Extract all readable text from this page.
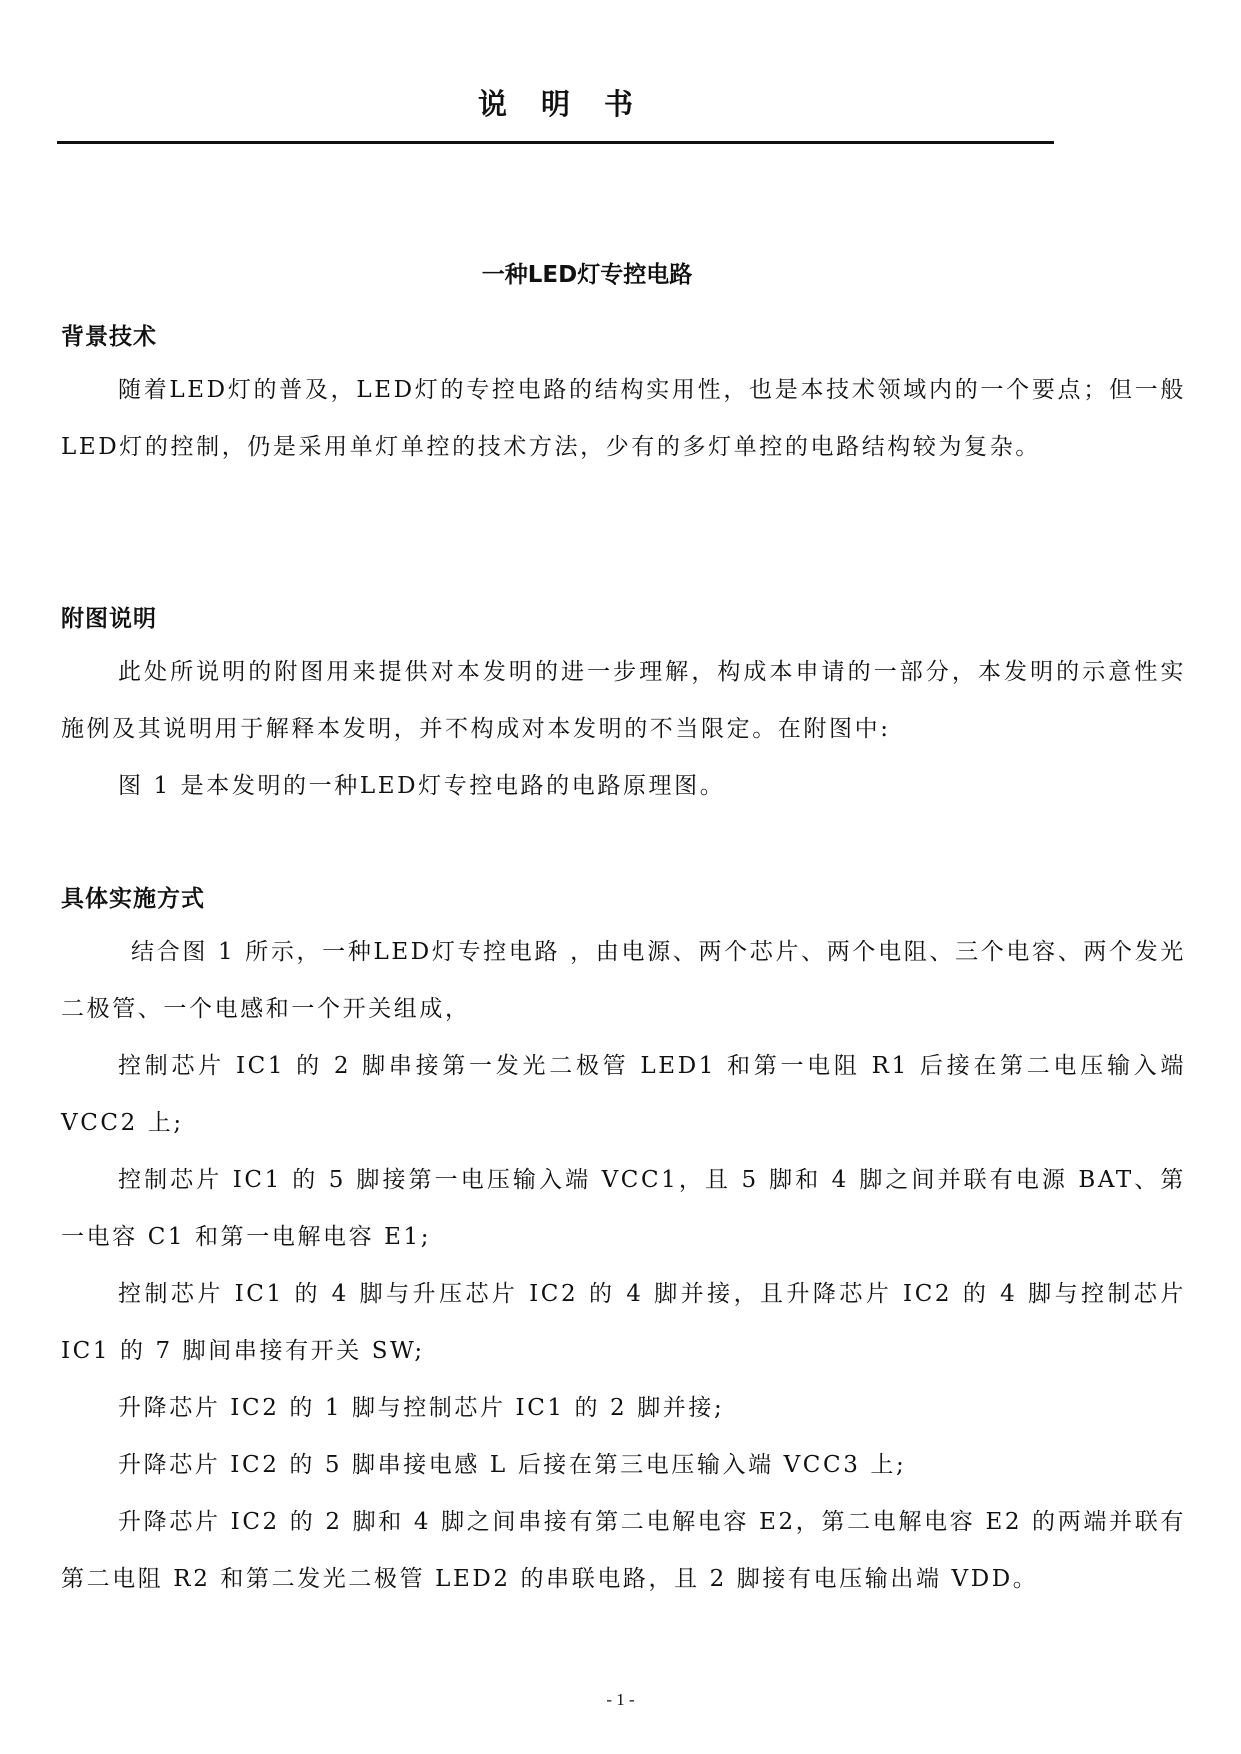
说明书
一种LED灯专控电路
背景技术

随着LED灯的普及，LED灯的专控电路的结构实用性，也是本技术领域内的一个要点；但一般LED灯的控制，仍是采用单灯单控的技术方法，少有的多灯单控的电路结构较为复杂。

附图说明

此处所说明的附图用来提供对本发明的进一步理解，构成本申请的一部分，本发明的示意性实施例及其说明用于解释本发明，并不构成对本发明的不当限定。在附图中:

图 1 是本发明的一种LED灯专控电路的电路原理图。

具体实施方式

结合图 1 所示，一种LED灯专控电路 ，由电源、两个芯片、两个电阻、三个电容、两个发光二极管、一个电感和一个开关组成，

控制芯片 IC1 的 2 脚串接第一发光二极管 LED1 和第一电阻 R1 后接在第二电压输入端 VCC2 上;

控制芯片 IC1 的 5 脚接第一电压输入端 VCC1，且 5 脚和 4 脚之间并联有电源 BAT、第一电容 C1 和第一电解电容 E1;

控制芯片 IC1 的 4 脚与升压芯片 IC2 的 4 脚并接，且升降芯片 IC2 的 4 脚与控制芯片 IC1 的 7 脚间串接有开关 SW;

升降芯片 IC2 的 1 脚与控制芯片 IC1 的 2 脚并接;

升降芯片 IC2 的 5 脚串接电感 L 后接在第三电压输入端 VCC3 上;

升降芯片 IC2 的 2 脚和 4 脚之间串接有第二电解电容 E2，第二电解电容 E2 的两端并联有第二电阻 R2 和第二发光二极管 LED2 的串联电路，且 2 脚接有电压输出端 VDD。

- 1 -
